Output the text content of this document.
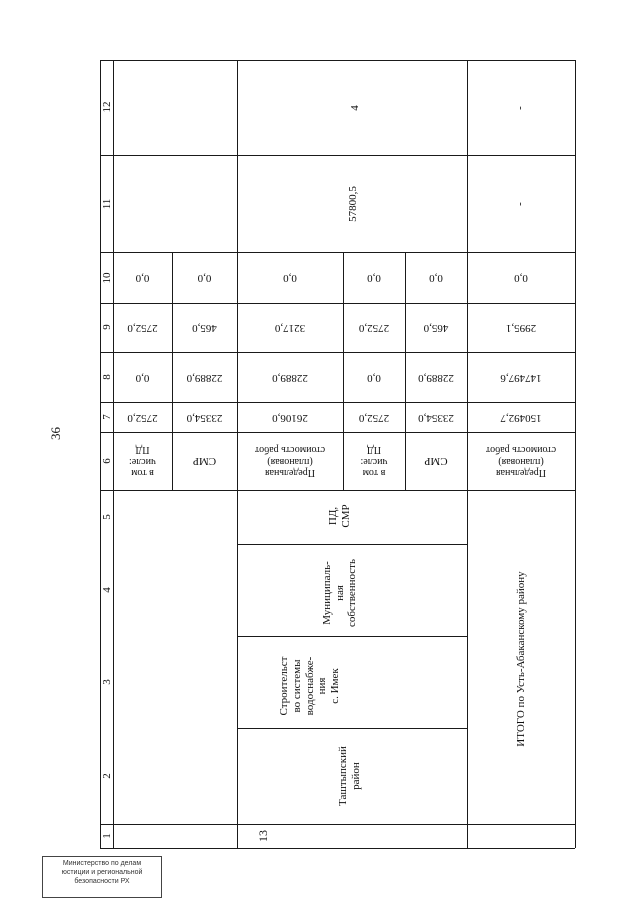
36
12
11
10
9
8
7
6
5
4
3
2
1
в том
числе:
ПД
2752,0
0,0
2752,0
0,0
СМР
23354,0
22889,0
465,0
0,0
13
Таштыпский
район
Строительст
во системы
водоснабже-
ния
с. Имек
Муниципаль-
ная
собственность
ПД,
СМР
57800,5
4
Предельная
(плановая)
стоимость работ
26106,0
22889,0
3217,0
0,0
в том
числе:
ПД
2752,0
0,0
2752,0
0,0
СМР
23354,0
22889,0
465,0
0,0
ИТОГО по Усть-Абаканскому району
Предельная
(плановая)
стоимость работ
150492,7
147497,6
2995,1
0,0
-
-
Министерство по делам
юстиции и региональной
безопасности РХ
